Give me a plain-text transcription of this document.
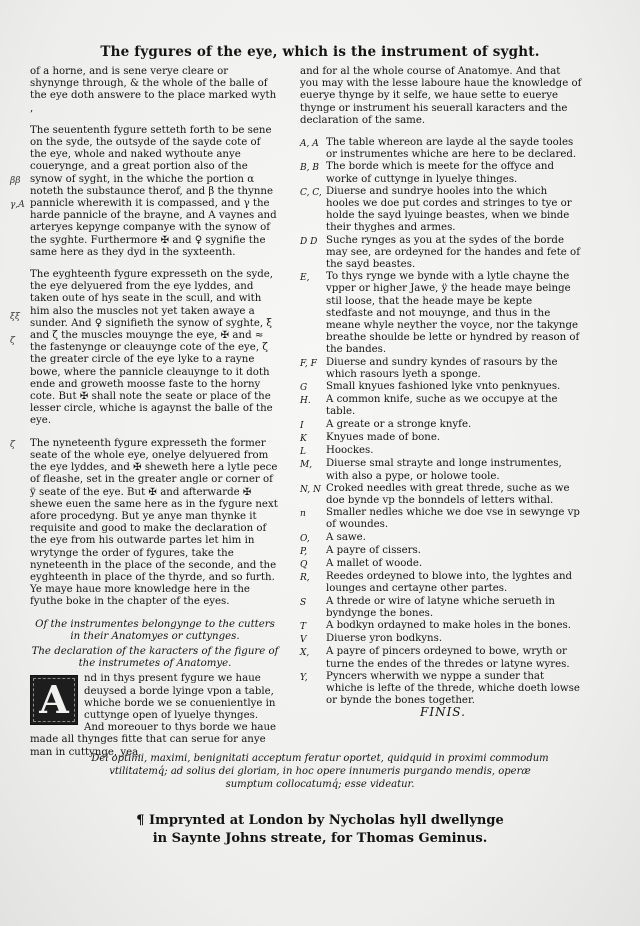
The fygures of the eye, which is the instrument of syght.
ββ
γ,A
ξξ
ζ
ζ

of a horne, and is sene verye cleare or shynynge through, & the whole of the balle of the eye doth answere to the place marked wyth ,

The seuententh fygure setteth forth to be sene on the syde, the outsyde of the sayde cote of the eye, whole and naked wythoute anye couerynge, and a great portion also of the synow of syght, in the whiche the portion α noteth the substaunce therof, and β the thynne pannicle wherewith it is compassed, and γ the harde pannicle of the brayne, and A vaynes and arteryes kepynge companye with the synow of the syghte. Furthermore ✠ and ♀ sygnifie the same here as they dyd in the syxteenth.

The eyghteenth fygure expresseth on the syde, the eye delyuered from the eye lyddes, and taken oute of hys seate in the scull, and with him also the muscles not yet taken awaye a sunder. And ♀ signifieth the synow of syghte, ξ and ζ the muscles mouynge the eye, ✠ and ≈ the fastenynge or cleauynge cote of the eye, ζ the greater circle of the eye lyke to a rayne bowe, where the pannicle cleauynge to it doth ende and groweth moosse faste to the horny cote. But ✠ shall note the seate or place of the lesser circle, whiche is agaynst the balle of the eye.

The nyneteenth fygure expresseth the former seate of the whole eye, onelye delyuered from the eye lyddes, and ✠ sheweth here a lytle pece of fleashe, set in the greater angle or corner of ÿ seate of the eye. But ✠ and afterwarde ✠ shewe euen the same here as in the fygure next afore procedyng. But ye anye man thynke it requisite and good to make the declaration of the eye from his outwarde partes let him in wrytynge the order of fygures, take the nyneteenth in the place of the seconde, and the eyghteenth in place of the thyrde, and so furth. Ye maye haue more knowledge here in the fyuthe boke in the chapter of the eyes.

Of the instrumentes belongynge to the cutters in their Anatomyes or cuttynges.

The declaration of the karacters of the figure of the instrumetes of Anatomye.

A	nd in thys present fygure we haue deuysed a borde lyinge vpon a table, whiche borde we se conuenientlye in cuttynge open of lyuelye thynges. And moreouer to thys borde we haue made all thynges fitte that can serue for anye man in cuttynge, yea,

and for al the whole course of Anatomye. And that you may with the lesse laboure haue the knowledge of euerye thynge by it selfe, we haue sette to euerye thynge or instrument his seuerall karacters and the declaration of the same.

A, A The table whereon are layde al the sayde tooles or instrumentes whiche are here to be declared.
B, B The borde which is meete for the offyce and worke of cuttynge in lyuelye thinges.
C, C, Diuerse and sundrye hooles into the which hooles we doe put cordes and stringes to tye or holde the sayd lyuinge beastes, when we binde their thyghes and armes.
D D Suche rynges as you at the sydes of the borde may see, are ordeyned for the handes and fete of the sayd beastes.
E,	To thys rynge we bynde with a lytle chayne the vpper or higher Jawe, ÿ the heade maye beinge stil loose, that the heade maye be kepte stedfaste and not mouynge, and thus in the meane whyle neyther the voyce, nor the takynge breathe shoulde be lette or hyndred by reason of the bandes.
F, F Diuerse and sundry kyndes of rasours by the which rasours lyeth a sponge.
G	Small knyues fashioned lyke vnto penknyues.
H.	A common knife, suche as we occupye at the table.
I	A greate or a stronge knyfe.
K	Knyues made of bone.
L	Hoockes.
M,	Diuerse smal strayte and longe instrumentes, with also a pype, or holowe toole.
N, N Croked needles with great threde, suche as we doe bynde vp the bonndels of letters withal.
n	Smaller nedles whiche we doe vse in sewynge vp of woundes.
O,	A sawe.
P,	A payre of cissers.
Q	A mallet of woode.
R,	Reedes ordeyned to blowe into, the lyghtes and lounges and certayne other partes.
S	A threde or wire of latyne whiche serueth in byndynge the bones.
T	A bodkyn ordayned to make holes in the bones.
V	Diuerse yron bodkyns.
X,	A payre of pincers ordeyned to bowe, wryth or turne the endes of the thredes or latyne wyres.
Y,	Pyncers wherwith we nyppe a sunder that whiche is lefte of the threde, whiche doeth lowse or bynde the bones together.
FINIS.
Dei optimi, maximi, benignitati acceptum feratur oportet, quidquid in proximi commodum vtilitatemq́; ad solius dei gloriam, in hoc opere innumeris purgando mendis, operæ sumptum collocatumq́; esse videatur.
¶ Imprynted at London by Nycholas hyll dwellynge
in Saynte Johns streate, for Thomas Geminus.
